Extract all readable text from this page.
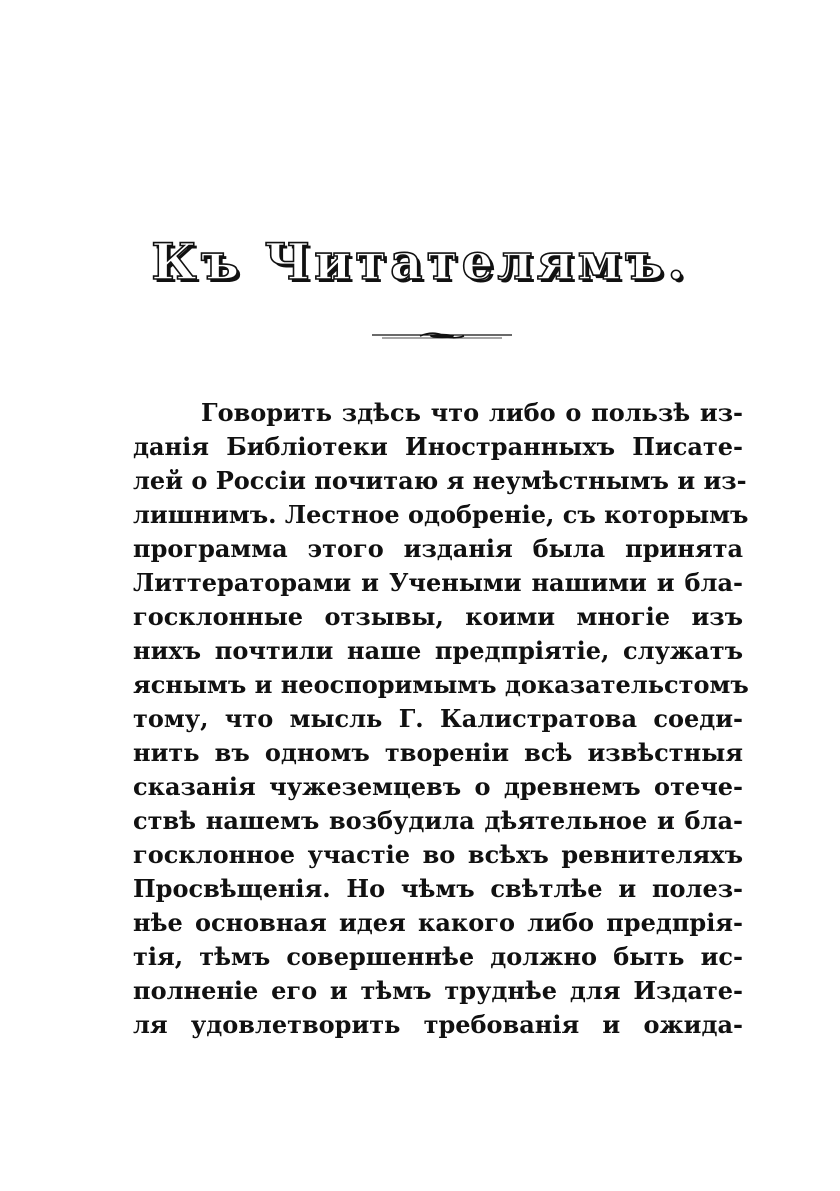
Къ Читателямъ.
Говорить здѣсь что либо о пользѣ из-
данія Библіотеки Иностранныхъ Писате-
лей о Россіи почитаю я неумѣстнымъ и из-
лишнимъ. Лестное одобреніе, съ которымъ
программа этого изданія была принята
Литтераторами и Учеными нашими и бла-
госклонные отзывы, коими многіе изъ
нихъ почтили наше предпріятіе, служатъ
яснымъ и неоспоримымъ доказательстомъ
тому, что мысль Г. Калистратова соеди-
нить въ одномъ твореніи всѣ извѣстныя
сказанія чужеземцевъ о древнемъ отече-
ствѣ нашемъ возбудила дѣятельное и бла-
госклонное участіе во всѣхъ ревнителяхъ
Просвѣщенія. Но чѣмъ свѣтлѣе и полез-
нѣе основная идея какого либо предпрія-
тія, тѣмъ совершеннѣе должно быть ис-
полненіе его и тѣмъ труднѣе для Издате-
ля удовлетворить требованія и ожида-
